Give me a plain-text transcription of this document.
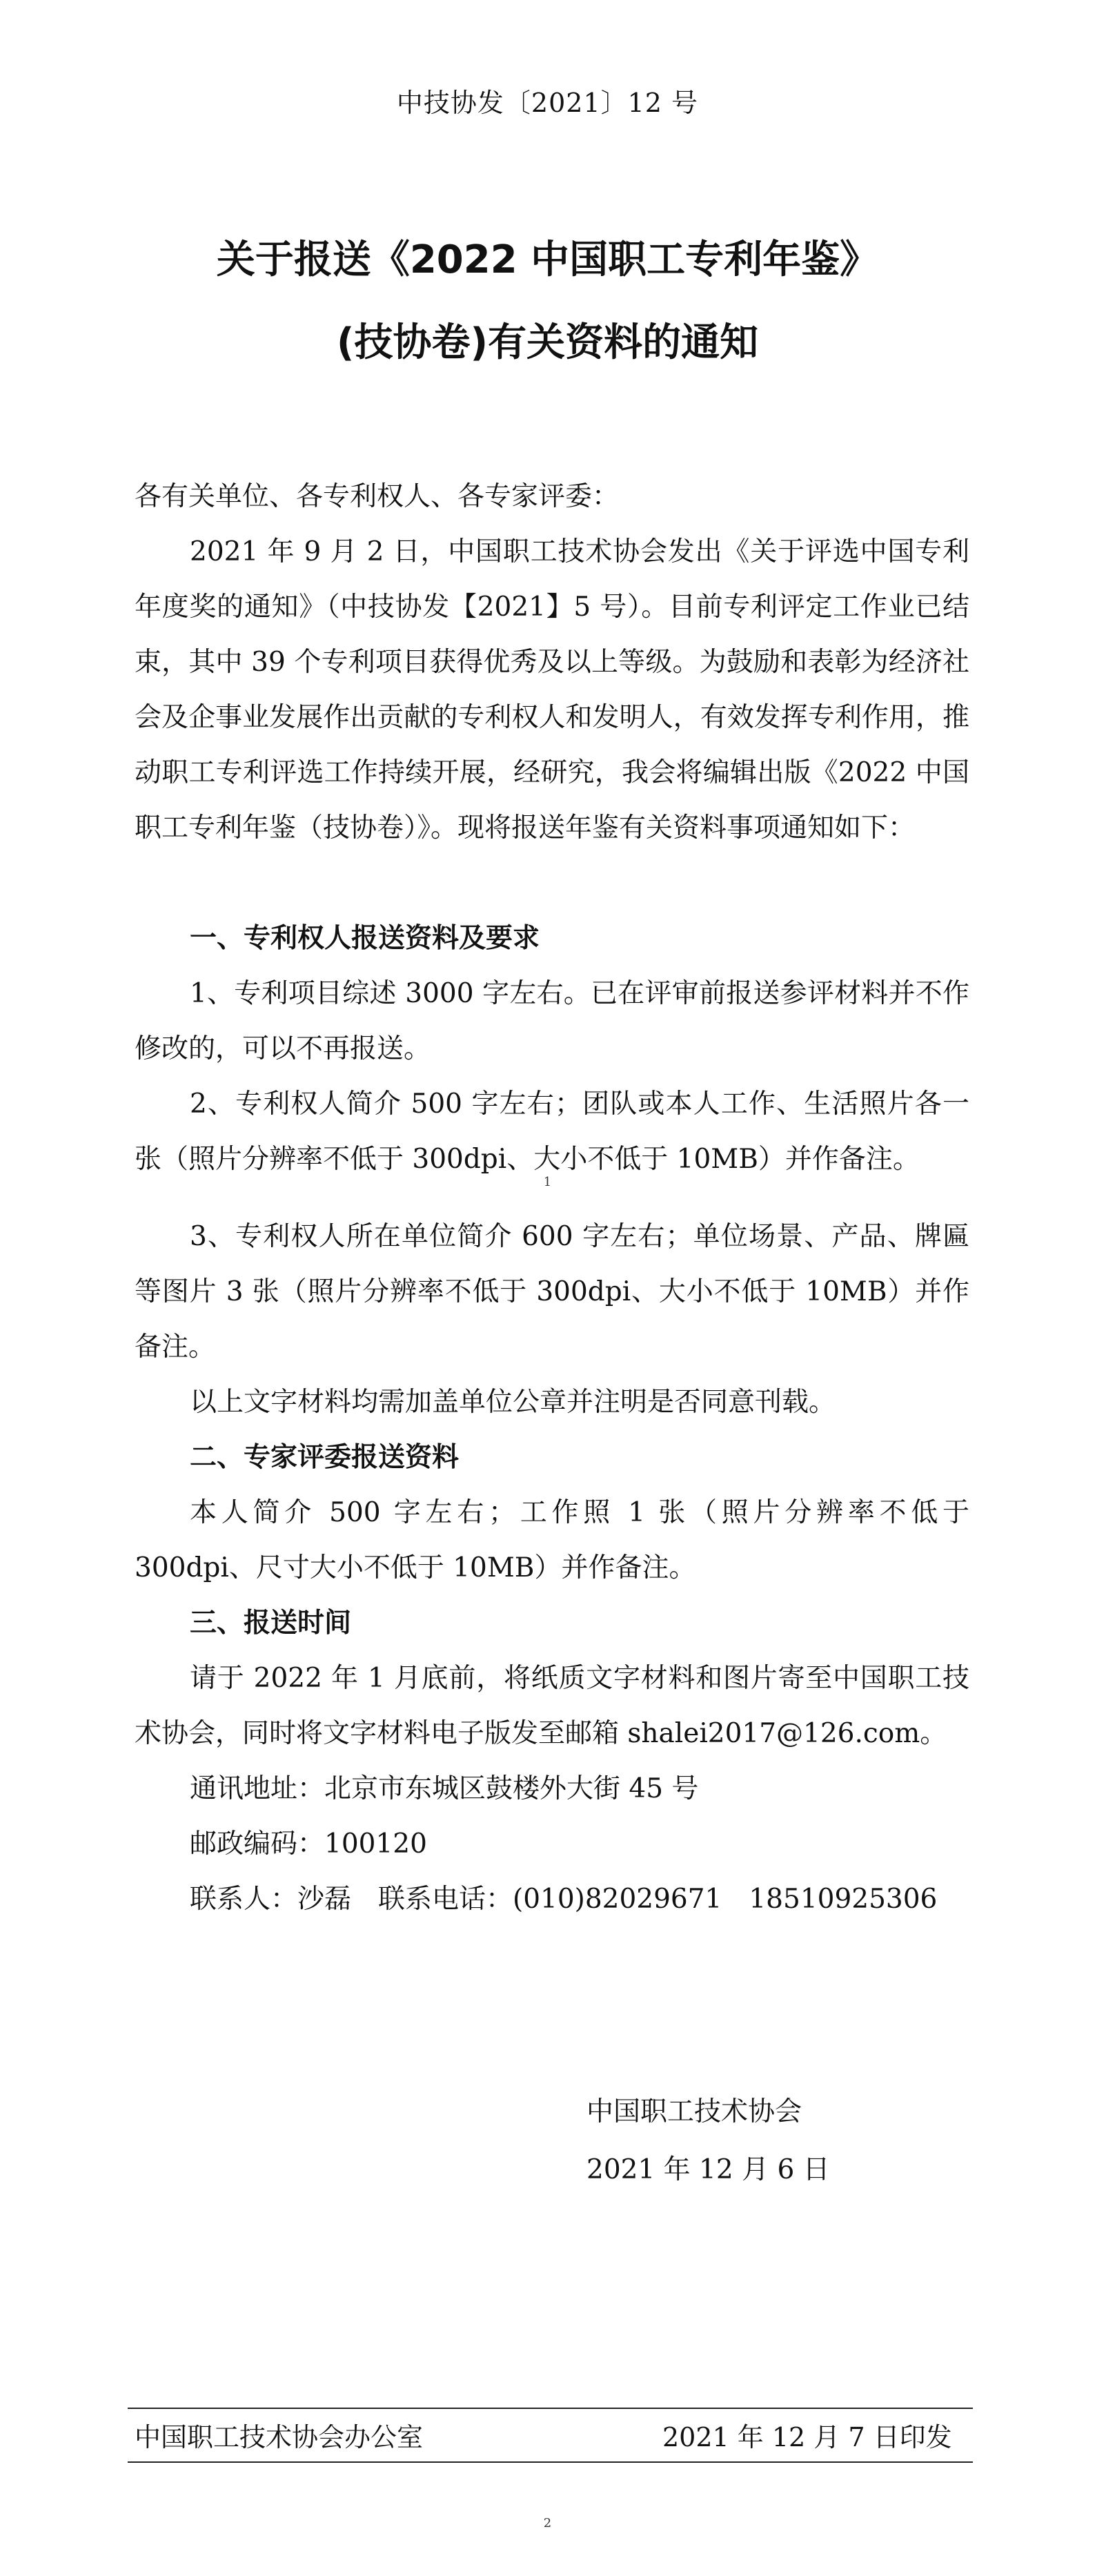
中技协发〔2021〕12 号
关于报送《2022 中国职工专利年鉴》
(技协卷)有关资料的通知
各有关单位、各专利权人、各专家评委：
2021 年 9 月 2 日，中国职工技术协会发出《关于评选中国专利年度奖的通知》（中技协发【2021】5 号）。目前专利评定工作业已结束，其中 39 个专利项目获得优秀及以上等级。为鼓励和表彰为经济社会及企事业发展作出贡献的专利权人和发明人，有效发挥专利作用，推动职工专利评选工作持续开展，经研究，我会将编辑出版《2022 中国职工专利年鉴（技协卷）》。现将报送年鉴有关资料事项通知如下：
一、专利权人报送资料及要求
1、专利项目综述 3000 字左右。已在评审前报送参评材料并不作修改的，可以不再报送。
2、专利权人简介 500 字左右；团队或本人工作、生活照片各一张（照片分辨率不低于 300dpi、大小不低于 10MB）并作备注。
1
3、专利权人所在单位简介 600 字左右；单位场景、产品、牌匾等图片 3 张（照片分辨率不低于 300dpi、大小不低于 10MB）并作备注。
以上文字材料均需加盖单位公章并注明是否同意刊载。
二、专家评委报送资料
本人简介 500 字左右；工作照 1 张（照片分辨率不低于 300dpi、尺寸大小不低于 10MB）并作备注。
三、报送时间
请于 2022 年 1 月底前，将纸质文字材料和图片寄至中国职工技术协会，同时将文字材料电子版发至邮箱 shalei2017@126.com。
通讯地址：北京市东城区鼓楼外大街 45 号
邮政编码：100120
联系人：沙磊　联系电话：(010)82029671　18510925306
中国职工技术协会
2021 年 12 月 6 日
中国职工技术协会办公室	2021 年 12 月 7 日印发
2
